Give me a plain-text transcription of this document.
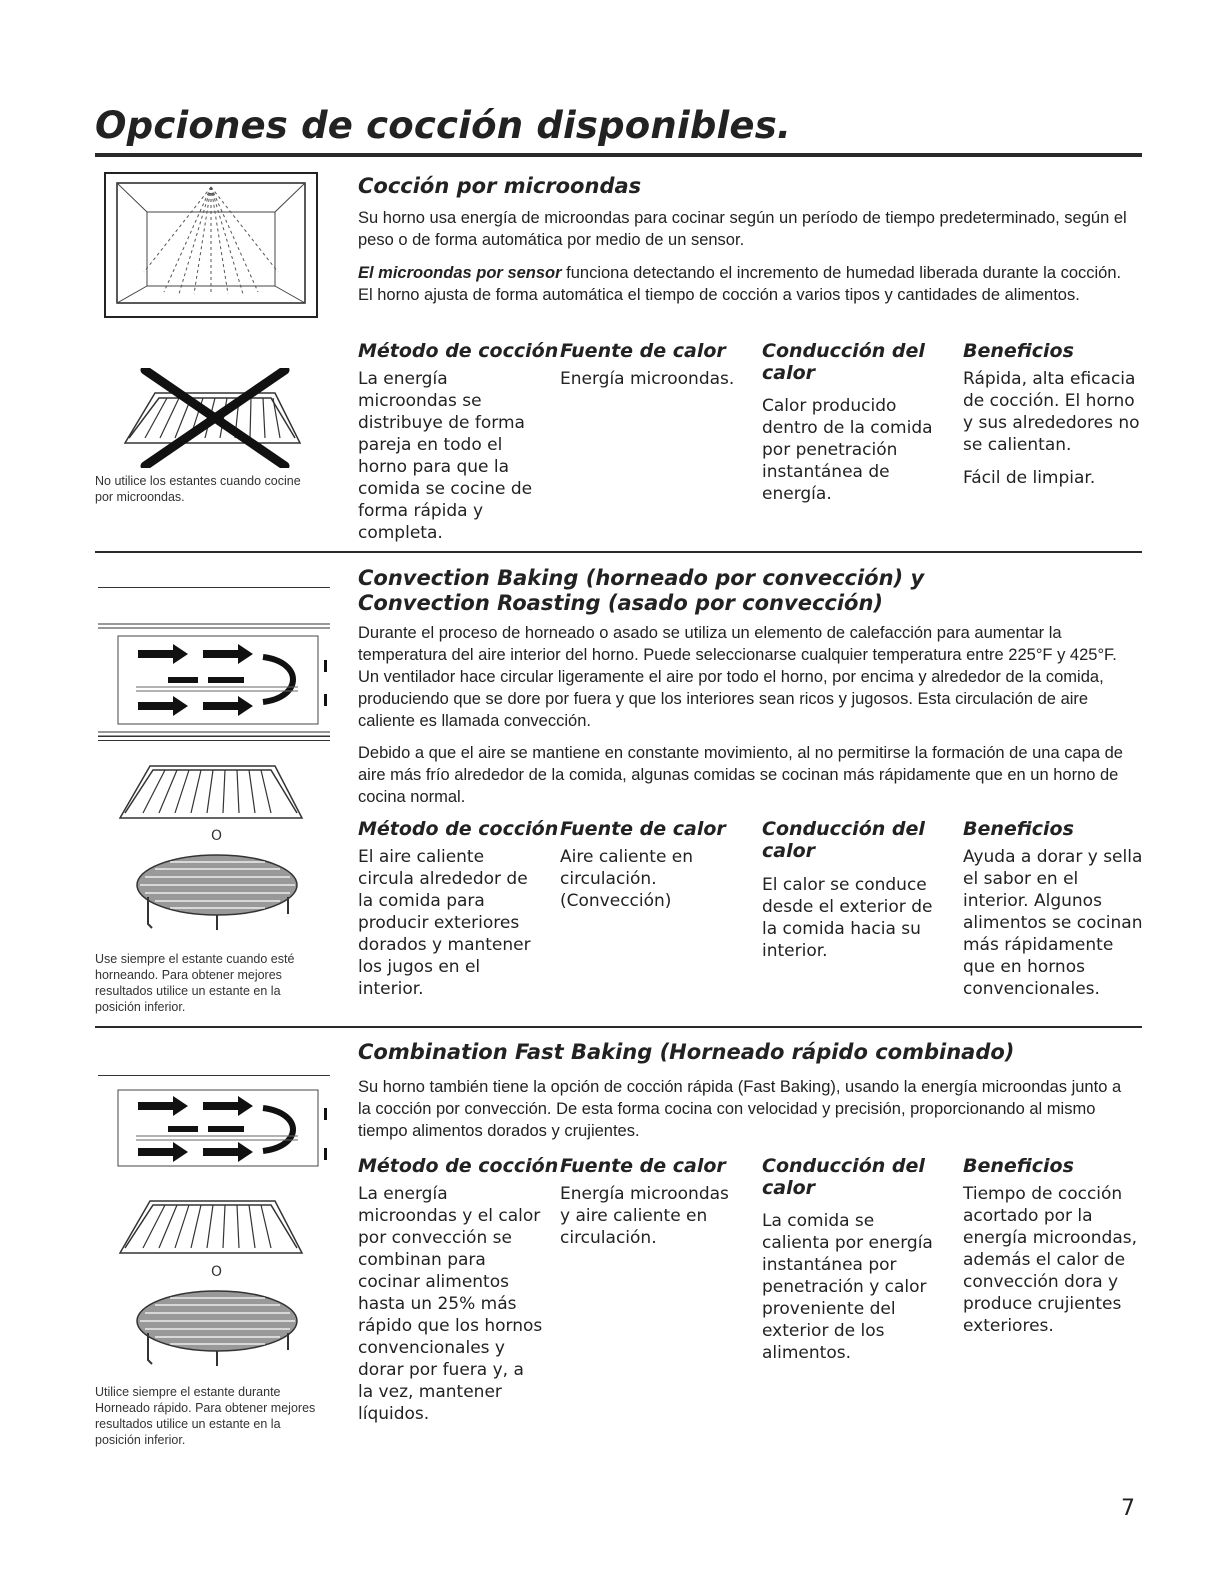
Opciones de cocción disponibles.

No utilice los estantes cuando cocine por microondas.

Cocción por microondas

Su horno usa energía de microondas para cocinar según un período de tiempo predeterminado, según el peso o de forma automática por medio de un sensor.

El microondas por sensor funciona detectando el incremento de humedad liberada durante la cocción. El horno ajusta de forma automática el tiempo de cocción a varios tipos y cantidades de alimentos.

Método de cocción Fuente de calor Conducción del calor
Beneficios

La energía microondas se distribuye de forma pareja en todo el horno para que la comida se cocine de forma rápida y completa.

Energía microondas.

Calor producido dentro de la comida por penetración instantánea de energía.

Rápida, alta eficacia de cocción. El horno y sus alrededores no se calientan.

Fácil de limpiar.

O

Use siempre el estante cuando esté horneando. Para obtener mejores resultados utilice un estante en la posición inferior.

Convection Baking (horneado por convección) y
Convection Roasting (asado por convección)

Durante el proceso de horneado o asado se utiliza un elemento de calefacción para aumentar la temperatura del aire interior del horno. Puede seleccionarse cualquier temperatura entre 225°F y 425°F. Un ventilador hace circular ligeramente el aire por todo el horno, por encima y alrededor de la comida, produciendo que se dore por fuera y que los interiores sean ricos y jugosos. Esta circulación de aire caliente es llamada convección.

Debido a que el aire se mantiene en constante movimiento, al no permitirse la formación de una capa de aire más frío alrededor de la comida, algunas comidas se cocinan más rápidamente que en un horno de cocina normal.

Método de cocción Fuente de calor Conducción del calor
Beneficios

El aire caliente circula alrededor de la comida para producir exteriores dorados y mantener los jugos en el interior.

Aire caliente en circulación. (Convección)

El calor se conduce desde el exterior de la comida hacia su interior.

Ayuda a dorar y sella el sabor en el interior. Algunos alimentos se cocinan más rápidamente que en hornos convencionales.

O

Utilice siempre el estante durante Horneado rápido. Para obtener mejores resultados utilice un estante en la posición inferior.

Combination Fast Baking (Horneado rápido combinado)

Su horno también tiene la opción de cocción rápida (Fast Baking), usando la energía microondas junto a la cocción por convección. De esta forma cocina con velocidad y precisión, proporcionando al mismo tiempo alimentos dorados y crujientes.

Método de cocción Fuente de calor Conducción del calor
Beneficios

La energía microondas y el calor por convección se combinan para cocinar alimentos hasta un 25% más rápido que los hornos convencionales y dorar por fuera y, a la vez, mantener líquidos.

Energía microondas y aire caliente en circulación.

La comida se calienta por energía instantánea por penetración y calor proveniente del exterior de los alimentos.

Tiempo de cocción acortado por la energía microondas, además el calor de convección dora y produce crujientes exteriores.

7
